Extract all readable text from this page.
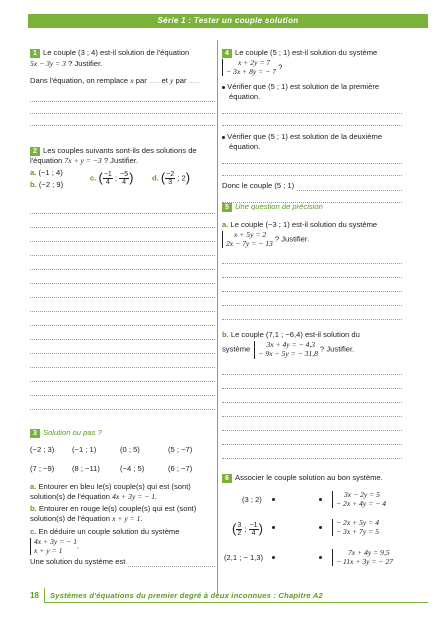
Série 1 : Tester un couple solution

1 Le couple (3 ; 4) est-il solution de l'équation

5x − 3y = 3 ? Justifier.

Dans l'équation, on remplace x par ..... et y par .....

2 Les couples suivants sont-ils des solutions de

l'équation 7x + y = −3 ? Justifier.

a. (−1 ; 4)
b. (−2 ; 9)
c. ( $\frac{-1}{4}$ ; $\frac{-5}{4}$ ) d. ( $\frac{-2}{3}$ ; 2)

3 Solution ou pas ?

(−2 ; 3)	(−1 ; 1)	(0 ; 5)	(5 ; −7)
(7 ; −9)	(8 ; −11)	(−4 ; 5)	(6 ; −7)

a. Entourer en bleu le(s) couple(s) qui est (sont) solution(s) de l'équation 4x + 3y = − 1.

b. Entourer en rouge le(s) couple(s) qui est (sont) solution(s) de l'équation x + y = 1.

c. En déduire un couple solution du système

4x + 3y = − 1
x + y = 1 .

Une solution du système est

4 Le couple (5 ; 1) est-il solution du système

x + 2y = 7
− 3x + 8y = − 7 ?

Vérifier que (5 ; 1) est solution de la première équation.

Vérifier que (5 ; 1) est solution de la deuxième équation.

Donc le couple (5 ; 1)

5 Une question de précision

a. Le couple (−3 ; 1) est-il solution du système

x + 5y = 2
2x − 7y = − 13 ? Justifier.

b. Le couple (7,1 ; −6,4) est-il solution du

système 3x + 4y = − 4,3
− 9x − 5y = − 31,8 ? Justifier.

6 Associer le couple solution au bon système.

(3 ; 2)
( $\frac{3}{2}$ ; $\frac{-1}{4}$ )
(2,1 ; − 1,3)
3x − 2y = 5
− 2x + 4y = − 4
− 2x + 5y = 4
− 3x + 7y = 5
7x + 4y = 9,5
− 11x + 3y = − 27
18 Systèmes d'équations du premier degré à deux inconnues : Chapitre A2
